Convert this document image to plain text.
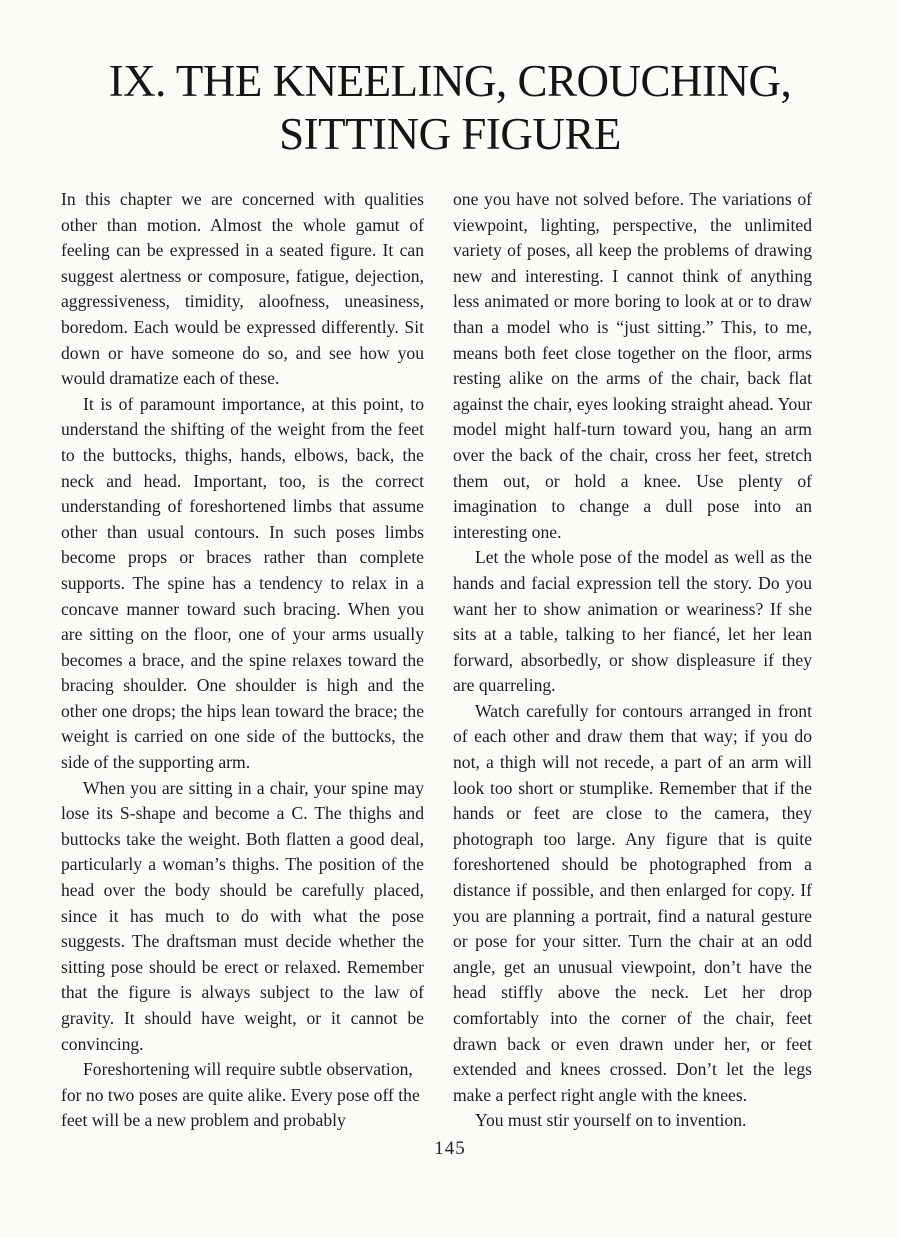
IX. THE KNEELING, CROUCHING,
SITTING FIGURE

In this chapter we are concerned with qualities other than motion. Almost the whole gamut of feeling can be expressed in a seated figure. It can suggest alertness or composure, fatigue, dejection, aggressiveness, timidity, aloofness, uneasiness, boredom. Each would be expressed differently. Sit down or have someone do so, and see how you would dramatize each of these.

It is of paramount importance, at this point, to understand the shifting of the weight from the feet to the buttocks, thighs, hands, elbows, back, the neck and head. Important, too, is the correct understanding of foreshortened limbs that assume other than usual contours. In such poses limbs become props or braces rather than complete supports. The spine has a tendency to relax in a concave manner toward such bracing. When you are sitting on the floor, one of your arms usually becomes a brace, and the spine relaxes toward the bracing shoulder. One shoulder is high and the other one drops; the hips lean toward the brace; the weight is carried on one side of the buttocks, the side of the supporting arm.

When you are sitting in a chair, your spine may lose its S-shape and become a C. The thighs and buttocks take the weight. Both flatten a good deal, particularly a woman’s thighs. The position of the head over the body should be carefully placed, since it has much to do with what the pose suggests. The draftsman must decide whether the sitting pose should be erect or relaxed. Remember that the figure is always subject to the law of gravity. It should have weight, or it cannot be convincing.

Foreshortening will require subtle observation, for no two poses are quite alike. Every pose off the feet will be a new problem and probably

one you have not solved before. The variations of viewpoint, lighting, perspective, the unlimited variety of poses, all keep the problems of drawing new and interesting. I cannot think of anything less animated or more boring to look at or to draw than a model who is “just sitting.” This, to me, means both feet close together on the floor, arms resting alike on the arms of the chair, back flat against the chair, eyes looking straight ahead. Your model might half-turn toward you, hang an arm over the back of the chair, cross her feet, stretch them out, or hold a knee. Use plenty of imagination to change a dull pose into an interesting one.

Let the whole pose of the model as well as the hands and facial expression tell the story. Do you want her to show animation or weariness? If she sits at a table, talking to her fiancé, let her lean forward, absorbedly, or show displeasure if they are quarreling.

Watch carefully for contours arranged in front of each other and draw them that way; if you do not, a thigh will not recede, a part of an arm will look too short or stumplike. Remember that if the hands or feet are close to the camera, they photograph too large. Any figure that is quite foreshortened should be photographed from a distance if possible, and then enlarged for copy. If you are planning a portrait, find a natural gesture or pose for your sitter. Turn the chair at an odd angle, get an unusual viewpoint, don’t have the head stiffly above the neck. Let her drop comfortably into the corner of the chair, feet drawn back or even drawn under her, or feet extended and knees crossed. Don’t let the legs make a perfect right angle with the knees.

You must stir yourself on to invention.

145
